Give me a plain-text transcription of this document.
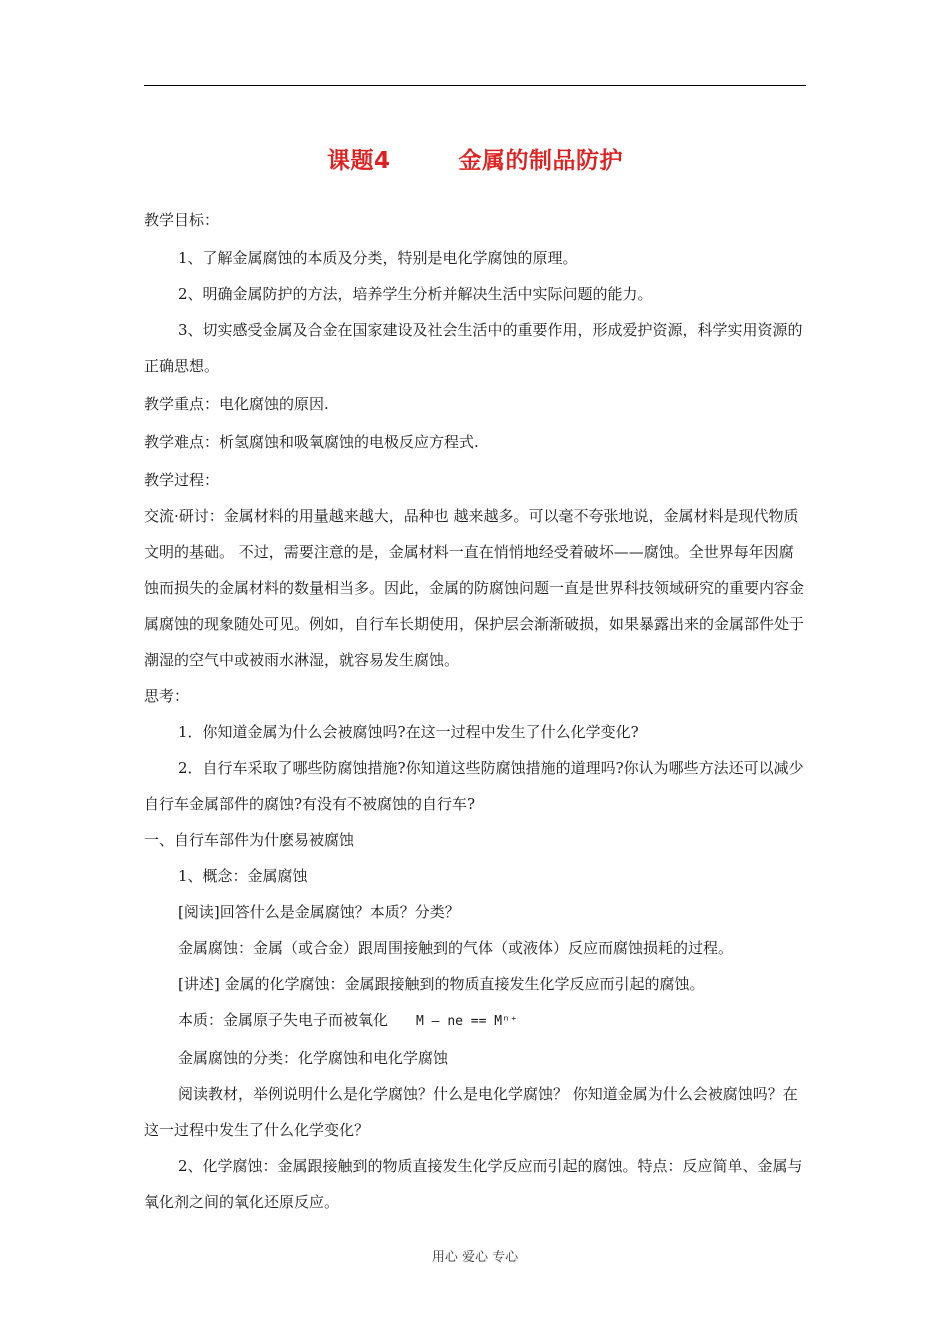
课题4        金属的制品防护

教学目标：

1、了解金属腐蚀的本质及分类，特别是电化学腐蚀的原理。

2、明确金属防护的方法，培养学生分析并解决生活中实际问题的能力。

3、切实感受金属及合金在国家建设及社会生活中的重要作用，形成爱护资源，科学实用资源的正确思想。

教学重点：电化腐蚀的原因.

教学难点：析氢腐蚀和吸氧腐蚀的电极反应方程式.

教学过程：

交流·研讨：金属材料的用量越来越大，品种也 越来越多。可以毫不夸张地说，金属材料是现代物质文明的基础。 不过，需要注意的是，金属材料一直在悄悄地经受着破坏——腐蚀。全世界每年因腐蚀而损失的金属材料的数量相当多。因此，金属的防腐蚀问题一直是世界科技领域研究的重要内容金属腐蚀的现象随处可见。例如，自行车长期使用，保护层会渐渐破损，如果暴露出来的金属部件处于潮湿的空气中或被雨水淋湿，就容易发生腐蚀。

思考：

1．你知道金属为什么会被腐蚀吗?在这一过程中发生了什么化学变化?

2．自行车采取了哪些防腐蚀措施?你知道这些防腐蚀措施的道理吗?你认为哪些方法还可以减少自行车金属部件的腐蚀?有没有不被腐蚀的自行车?

一、自行车部件为什麽易被腐蚀

1、概念：金属腐蚀

[阅读]回答什么是金属腐蚀？本质？分类？

金属腐蚀：金属（或合金）跟周围接触到的气体（或液体）反应而腐蚀损耗的过程。

[讲述] 金属的化学腐蚀：金属跟接触到的物质直接发生化学反应而引起的腐蚀。

本质：金属原子失电子而被氧化 M – ne == Mⁿ⁺

金属腐蚀的分类：化学腐蚀和电化学腐蚀

阅读教材，举例说明什么是化学腐蚀？什么是电化学腐蚀？ 你知道金属为什么会被腐蚀吗？在这一过程中发生了什么化学变化？

2、化学腐蚀：金属跟接触到的物质直接发生化学反应而引起的腐蚀。特点：反应简单、金属与氧化剂之间的氧化还原反应。

用心 爱心 专心
